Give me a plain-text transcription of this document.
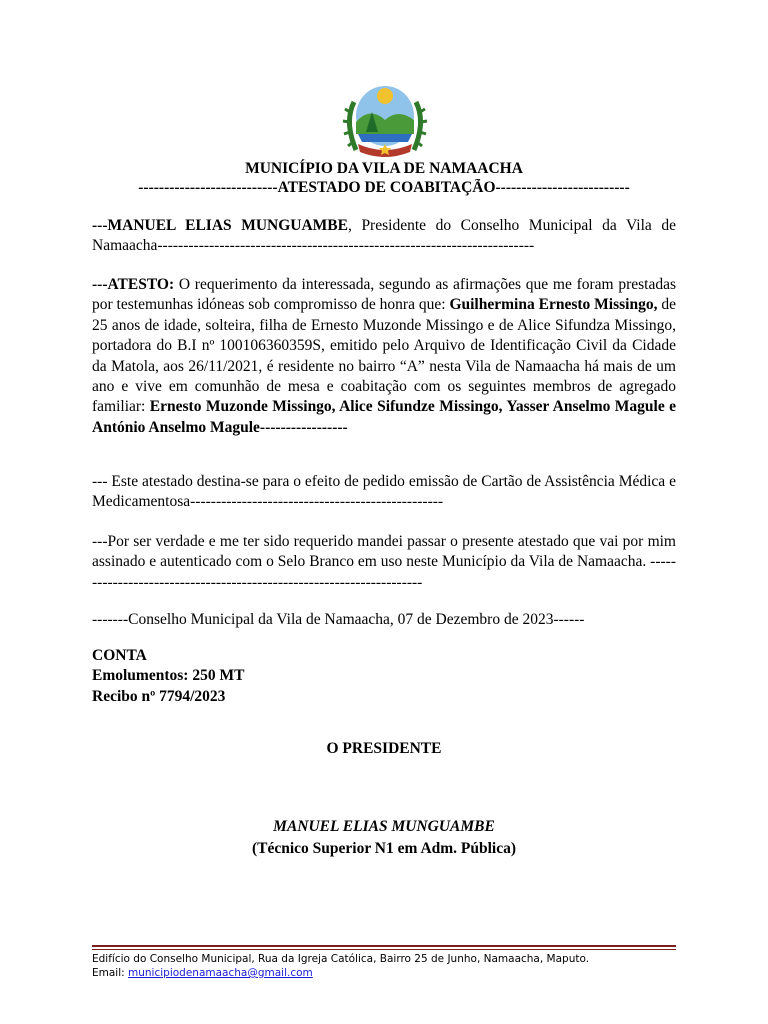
MUNICÍPIO DA VILA DE NAMAACHA
---------------------------ATESTADO DE COABITAÇÃO--------------------------
---MANUEL ELIAS MUNGUAMBE, Presidente do Conselho Municipal da Vila de Namaacha-------------------------------------------------------------------------
---ATESTO: O requerimento da interessada, segundo as afirmações que me foram prestadas por testemunhas idóneas sob compromisso de honra que: Guilhermina Ernesto Missingo, de 25 anos de idade, solteira, filha de Ernesto Muzonde Missingo e de Alice Sifundza Missingo, portadora do B.I nº 100106360359S, emitido pelo Arquivo de Identificação Civil da Cidade da Matola, aos 26/11/2021, é residente no bairro “A” nesta Vila de Namaacha há mais de um ano e vive em comunhão de mesa e coabitação com os seguintes membros de agregado familiar: Ernesto Muzonde Missingo, Alice Sifundze Missingo, Yasser Anselmo Magule e António Anselmo Magule-----------------
--- Este atestado destina-se para o efeito de pedido emissão de Cartão de Assistência Médica e Medicamentosa-------------------------------------------------
---Por ser verdade e me ter sido requerido mandei passar o presente atestado que vai por mim assinado e autenticado com o Selo Branco em uso neste Município da Vila de Namaacha. ---------------------------------------------------------------------
-------Conselho Municipal da Vila de Namaacha, 07 de Dezembro de 2023------
CONTA
Emolumentos: 250 MT
Recibo nº 7794/2023
O PRESIDENTE
MANUEL ELIAS MUNGUAMBE
(Técnico Superior N1 em Adm. Pública)
Edifício do Conselho Municipal, Rua da Igreja Católica, Bairro 25 de Junho, Namaacha, Maputo.
Email: municipiodenamaacha@gmail.com
